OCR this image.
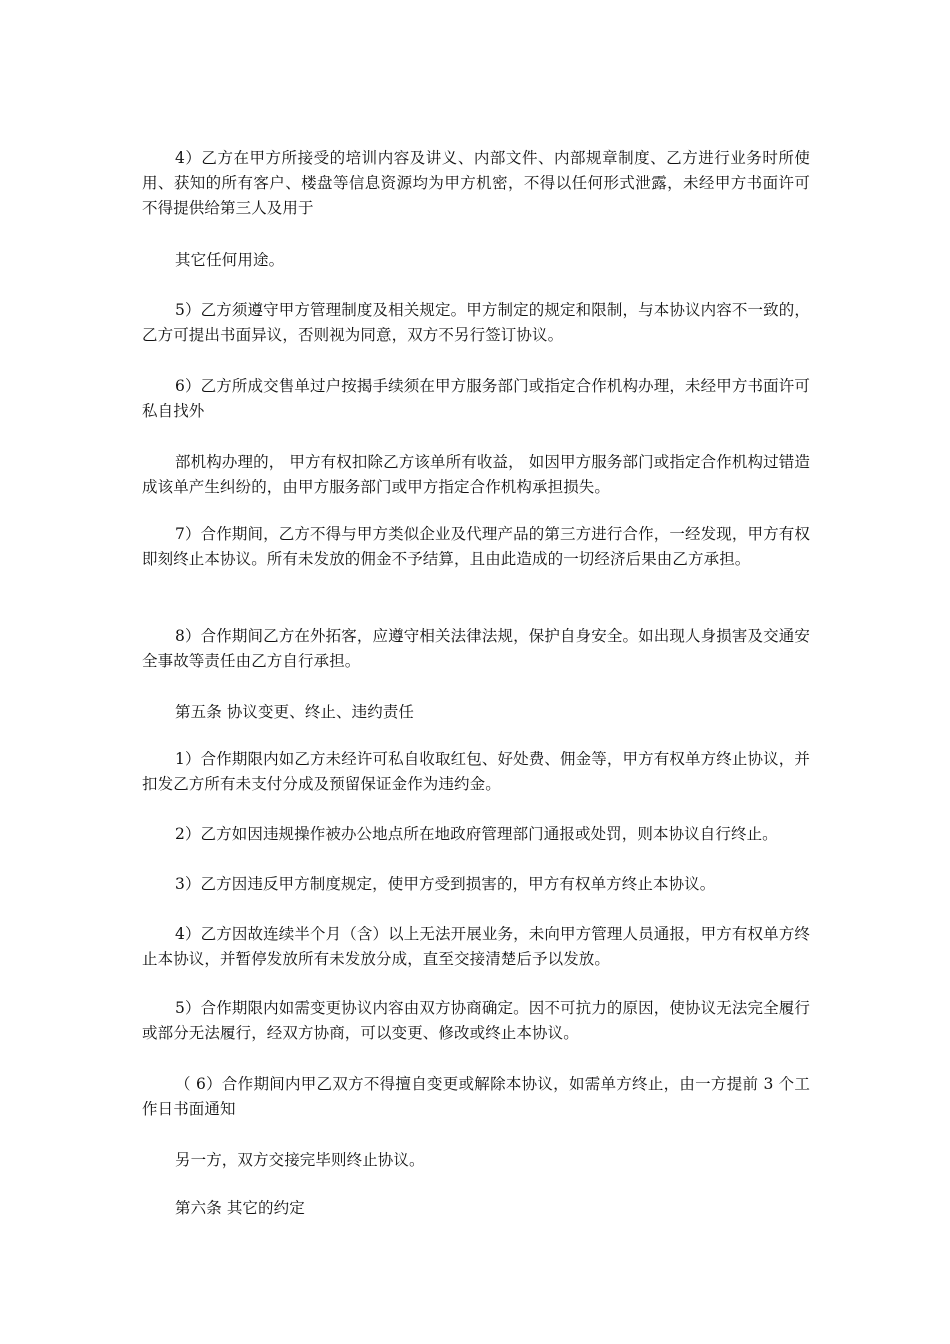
4）乙方在甲方所接受的培训内容及讲义、内部文件、内部规章制度、乙方进行业务时所使用、获知的所有客户、楼盘等信息资源均为甲方机密，不得以任何形式泄露，未经甲方书面许可不得提供给第三人及用于

其它任何用途。

5）乙方须遵守甲方管理制度及相关规定。甲方制定的规定和限制，与本协议内容不一致的，乙方可提出书面异议，否则视为同意，双方不另行签订协议。

6）乙方所成交售单过户按揭手续须在甲方服务部门或指定合作机构办理，未经甲方书面许可私自找外

部机构办理的， 甲方有权扣除乙方该单所有收益， 如因甲方服务部门或指定合作机构过错造成该单产生纠纷的，由甲方服务部门或甲方指定合作机构承担损失。

7）合作期间，乙方不得与甲方类似企业及代理产品的第三方进行合作，一经发现，甲方有权即刻终止本协议。所有未发放的佣金不予结算，且由此造成的一切经济后果由乙方承担。

8）合作期间乙方在外拓客，应遵守相关法律法规，保护自身安全。如出现人身损害及交通安全事故等责任由乙方自行承担。

第五条 协议变更、终止、违约责任

1）合作期限内如乙方未经许可私自收取红包、好处费、佣金等，甲方有权单方终止协议，并扣发乙方所有未支付分成及预留保证金作为违约金。

2）乙方如因违规操作被办公地点所在地政府管理部门通报或处罚，则本协议自行终止。

3）乙方因违反甲方制度规定，使甲方受到损害的，甲方有权单方终止本协议。

4）乙方因故连续半个月（含）以上无法开展业务，未向甲方管理人员通报，甲方有权单方终止本协议，并暂停发放所有未发放分成，直至交接清楚后予以发放。

5）合作期限内如需变更协议内容由双方协商确定。因不可抗力的原因，使协议无法完全履行或部分无法履行，经双方协商，可以变更、修改或终止本协议。

（ 6）合作期间内甲乙双方不得擅自变更或解除本协议，如需单方终止，由一方提前 3 个工作日书面通知

另一方，双方交接完毕则终止协议。

第六条 其它的约定
